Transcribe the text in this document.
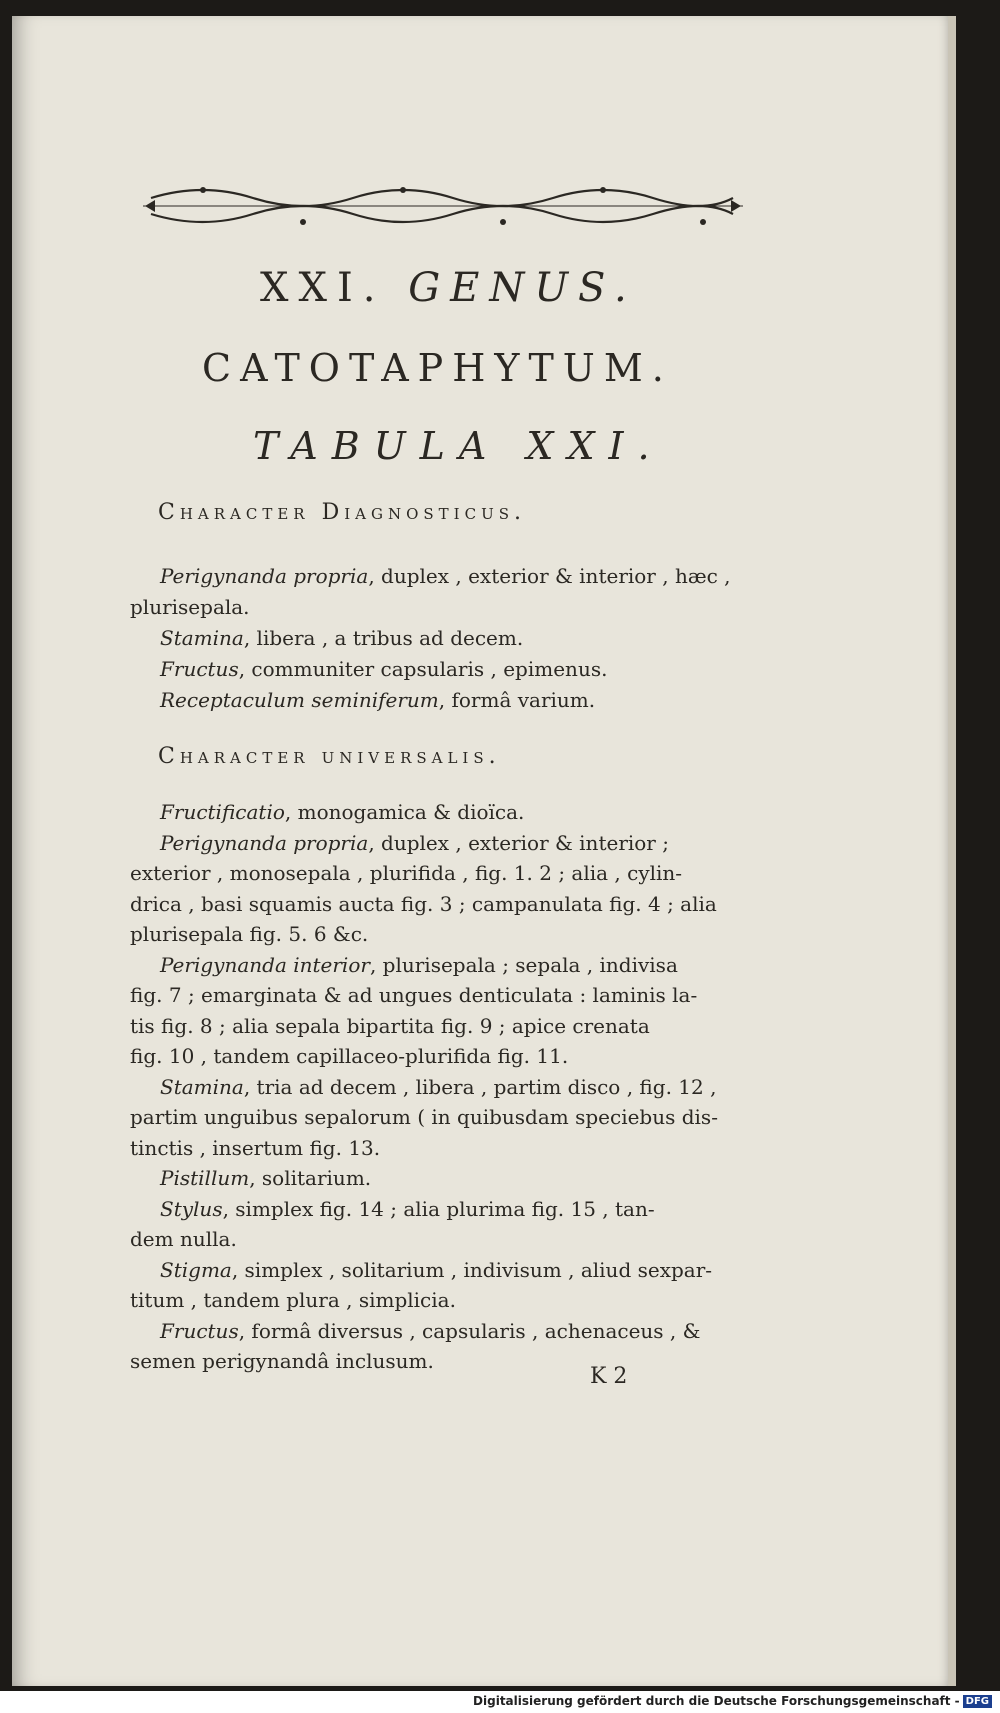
XXI. GENUS.
CATOTAPHYTUM.
TABULA XXI.
Character Diagnosticus.
Perigynanda propria, duplex , exterior & interior , hæc ,
plurisepala.
Stamina, libera , a tribus ad decem.
Fructus, communiter capsularis , epimenus.
Receptaculum seminiferum, formâ varium.
Character universalis.
Fructificatio, monogamica & dioïca.
Perigynanda propria, duplex , exterior & interior ;
exterior , monosepala , plurifida , fig. 1. 2 ; alia , cylin-
drica , basi squamis aucta fig. 3 ; campanulata fig. 4 ; alia
plurisepala fig. 5. 6 &c.
Perigynanda interior, plurisepala ; sepala , indivisa
fig. 7 ; emarginata & ad ungues denticulata : laminis la-
tis fig. 8 ; alia sepala bipartita fig. 9 ; apice crenata
fig. 10 , tandem capillaceo-plurifida fig. 11.
Stamina, tria ad decem , libera , partim disco , fig. 12 ,
partim unguibus sepalorum ( in quibusdam speciebus dis-
tinctis , insertum fig. 13.
Pistillum, solitarium.
Stylus, simplex fig. 14 ; alia plurima fig. 15 , tan-
dem nulla.
Stigma, simplex , solitarium , indivisum , aliud sexpar-
titum , tandem plura , simplicia.
Fructus, formâ diversus , capsularis , achenaceus , &
semen perigynandâ inclusum.
K 2
Digitalisierung gefördert durch die Deutsche Forschungsgemeinschaft - DFG
